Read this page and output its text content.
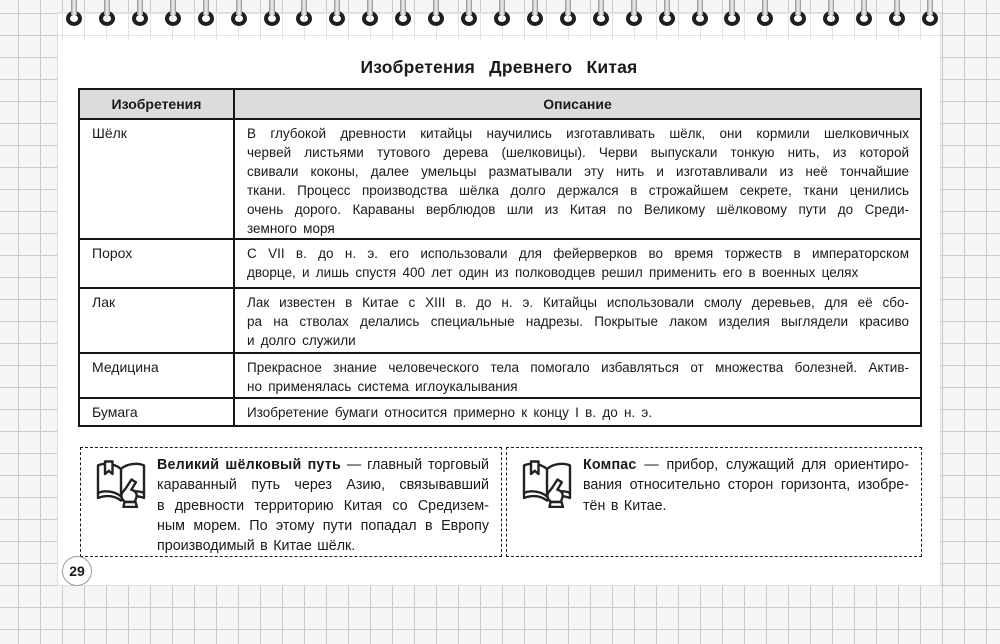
Изобретения Древнего Китая
Изобретения	Описание
Шёлк	В глубокой древности китайцы научились изготавливать шёлк, они кормили шелковичных
червей листьями тутового дерева (шелковицы). Черви выпускали тонкую нить, из которой
свивали коконы, далее умельцы разматывали эту нить и изготавливали из неё тончайшие
ткани. Процесс производства шёлка долго держался в строжайшем секрете, ткани ценились
очень дорого. Караваны верблюдов шли из Китая по Великому шёлковому пути до Среди-
земного моря
Порох	С VII в. до н. э. его использовали для фейерверков во время торжеств в императорском
дворце, и лишь спустя 400 лет один из полководцев решил применить его в военных целях
Лак	Лак известен в Китае с XIII в. до н. э. Китайцы использовали смолу деревьев, для её сбо-
ра на стволах делались специальные надрезы. Покрытые лаком изделия выглядели красиво
и долго служили
Медицина	Прекрасное знание человеческого тела помогало избавляться от множества болезней. Актив-
но применялась система иглоукалывания
Бумага	Изобретение бумаги относится примерно к концу I в. до н. э.
Великий шёлковый путь — главный торговый
караванный путь через Азию, связывавший
в древности территорию Китая со Средизем-
ным морем. По этому пути попадал в Европу
производимый в Китае шёлк.
Компас — прибор, служащий для ориентиро-
вания относительно сторон горизонта, изобре-
тён в Китае.
29
